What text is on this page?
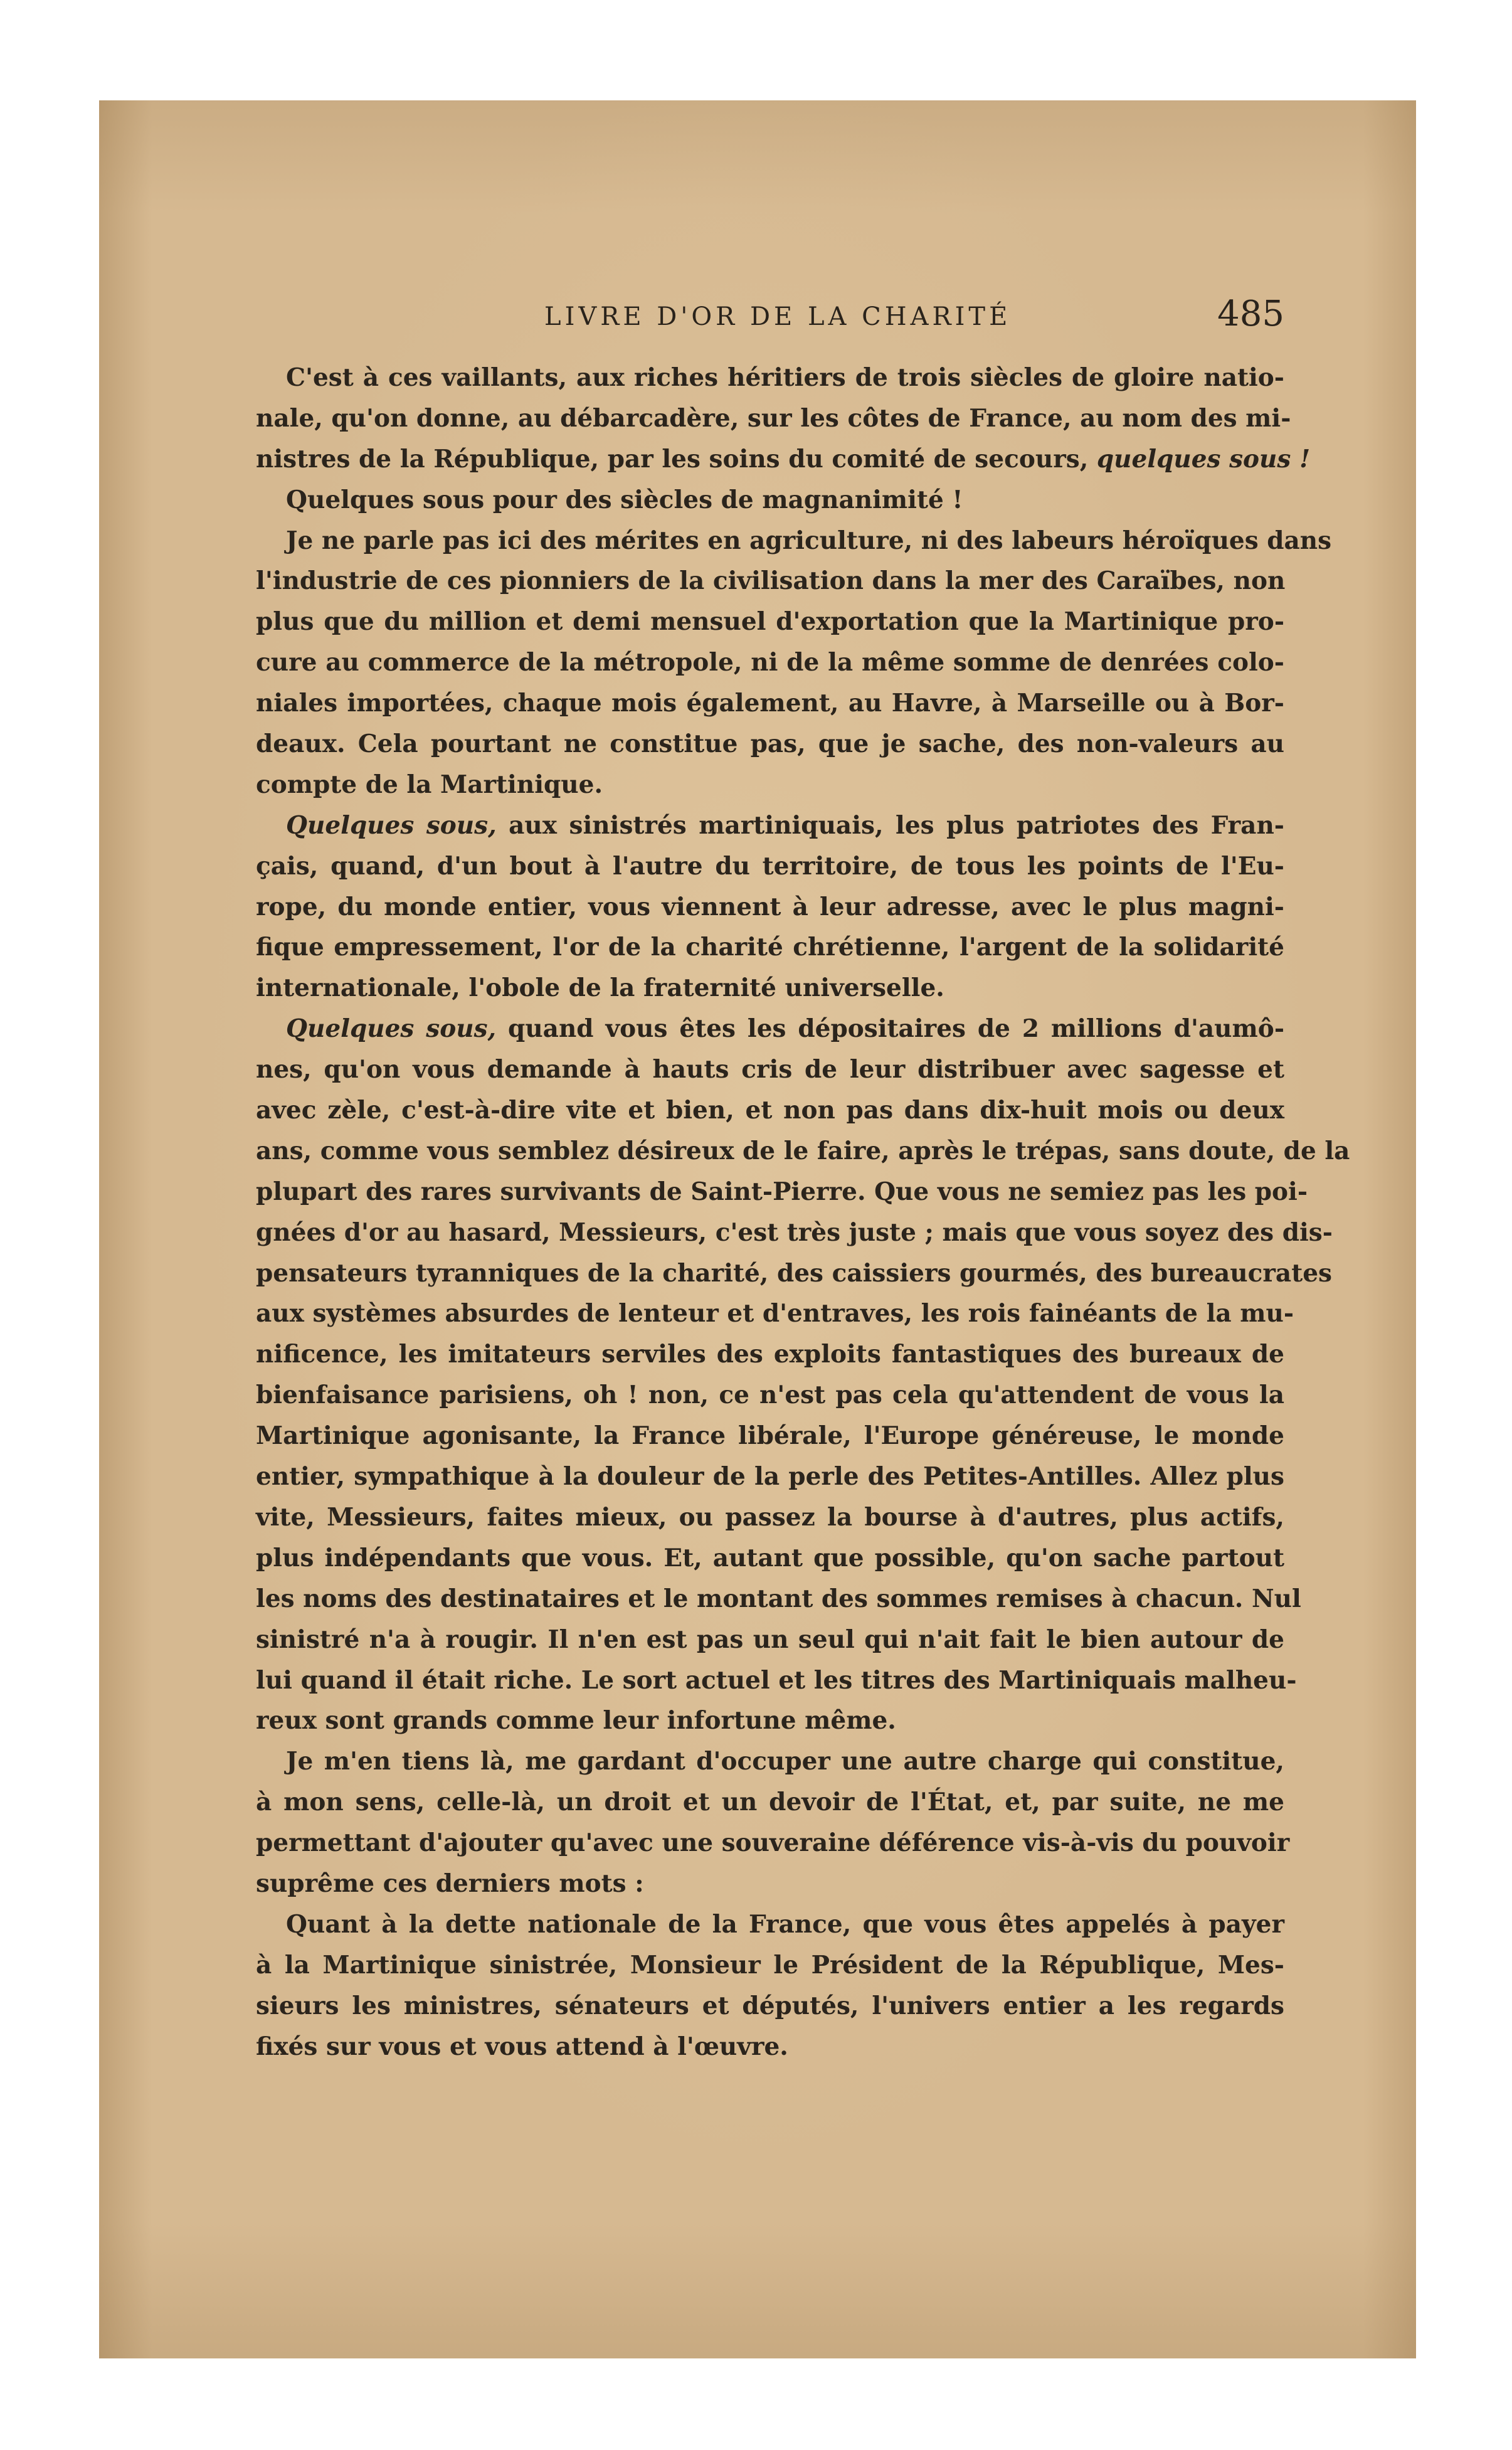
LIVRE D'OR DE LA CHARITÉ	485
C'est à ces vaillants, aux riches héritiers de trois siècles de gloire natio-
nale, qu'on donne, au débarcadère, sur les côtes de France, au nom des mi-
nistres de la République, par les soins du comité de secours, quelques sous !
Quelques sous pour des siècles de magnanimité !
Je ne parle pas ici des mérites en agriculture, ni des labeurs héroïques dans
l'industrie de ces pionniers de la civilisation dans la mer des Caraïbes, non
plus que du million et demi mensuel d'exportation que la Martinique pro-
cure au commerce de la métropole, ni de la même somme de denrées colo-
niales importées, chaque mois également, au Havre, à Marseille ou à Bor-
deaux. Cela pourtant ne constitue pas, que je sache, des non-valeurs au
compte de la Martinique.
Quelques sous, aux sinistrés martiniquais, les plus patriotes des Fran-
çais, quand, d'un bout à l'autre du territoire, de tous les points de l'Eu-
rope, du monde entier, vous viennent à leur adresse, avec le plus magni-
fique empressement, l'or de la charité chrétienne, l'argent de la solidarité
internationale, l'obole de la fraternité universelle.
Quelques sous, quand vous êtes les dépositaires de 2 millions d'aumô-
nes, qu'on vous demande à hauts cris de leur distribuer avec sagesse et
avec zèle, c'est-à-dire vite et bien, et non pas dans dix-huit mois ou deux
ans, comme vous semblez désireux de le faire, après le trépas, sans doute, de la
plupart des rares survivants de Saint-Pierre. Que vous ne semiez pas les poi-
gnées d'or au hasard, Messieurs, c'est très juste ; mais que vous soyez des dis-
pensateurs tyranniques de la charité, des caissiers gourmés, des bureaucrates
aux systèmes absurdes de lenteur et d'entraves, les rois fainéants de la mu-
nificence, les imitateurs serviles des exploits fantastiques des bureaux de
bienfaisance parisiens, oh ! non, ce n'est pas cela qu'attendent de vous la
Martinique agonisante, la France libérale, l'Europe généreuse, le monde
entier, sympathique à la douleur de la perle des Petites-Antilles. Allez plus
vite, Messieurs, faites mieux, ou passez la bourse à d'autres, plus actifs,
plus indépendants que vous. Et, autant que possible, qu'on sache partout
les noms des destinataires et le montant des sommes remises à chacun. Nul
sinistré n'a à rougir. Il n'en est pas un seul qui n'ait fait le bien autour de
lui quand il était riche. Le sort actuel et les titres des Martiniquais malheu-
reux sont grands comme leur infortune même.
Je m'en tiens là, me gardant d'occuper une autre charge qui constitue,
à mon sens, celle-là, un droit et un devoir de l'État, et, par suite, ne me
permettant d'ajouter qu'avec une souveraine déférence vis-à-vis du pouvoir
suprême ces derniers mots :
Quant à la dette nationale de la France, que vous êtes appelés à payer
à la Martinique sinistrée, Monsieur le Président de la République, Mes-
sieurs les ministres, sénateurs et députés, l'univers entier a les regards
fixés sur vous et vous attend à l'œuvre.
